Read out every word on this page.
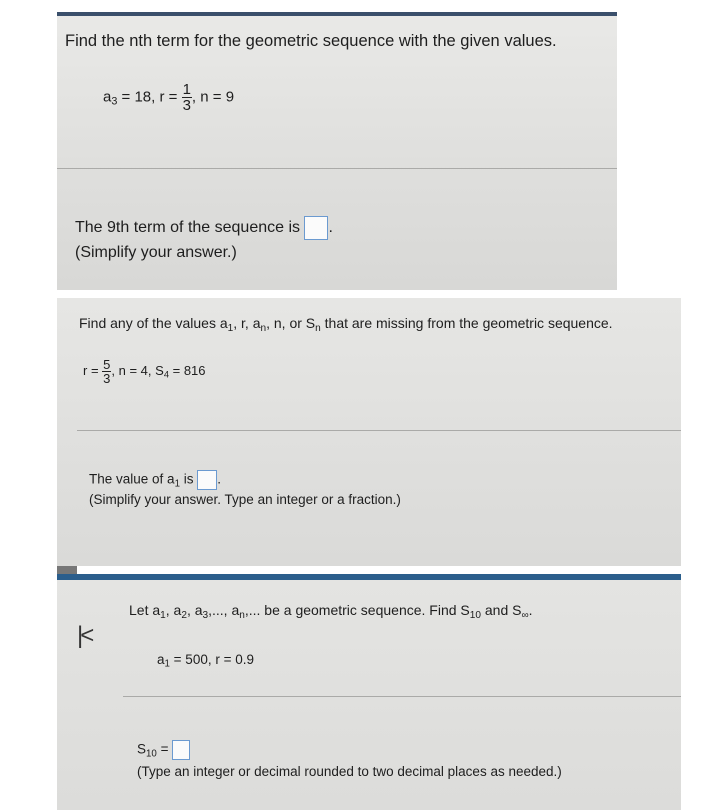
Find the nth term for the geometric sequence with the given values.
$a_3 = 18$, $r = \frac{1}{3}$ , n = 9
The 9th term of the sequence is .
(Simplify your answer.)
Find any of the values $a_1$, r, $a_n$, n, or $S_n$ that are missing from the geometric sequence.
$r = \frac{5}{3}$ , n = 4, $S_4 = 816$
The value of $a_1$ is .
(Simplify your answer. Type an integer or a fraction.)
|<
Let $a_1$, $a_2$, $a_3$,..., $a_n$,... be a geometric sequence. Find $S_{10}$ and $S_\infty$.
$a_1 = 500$, r = 0.9
$S_{10}$ =
(Type an integer or decimal rounded to two decimal places as needed.)
